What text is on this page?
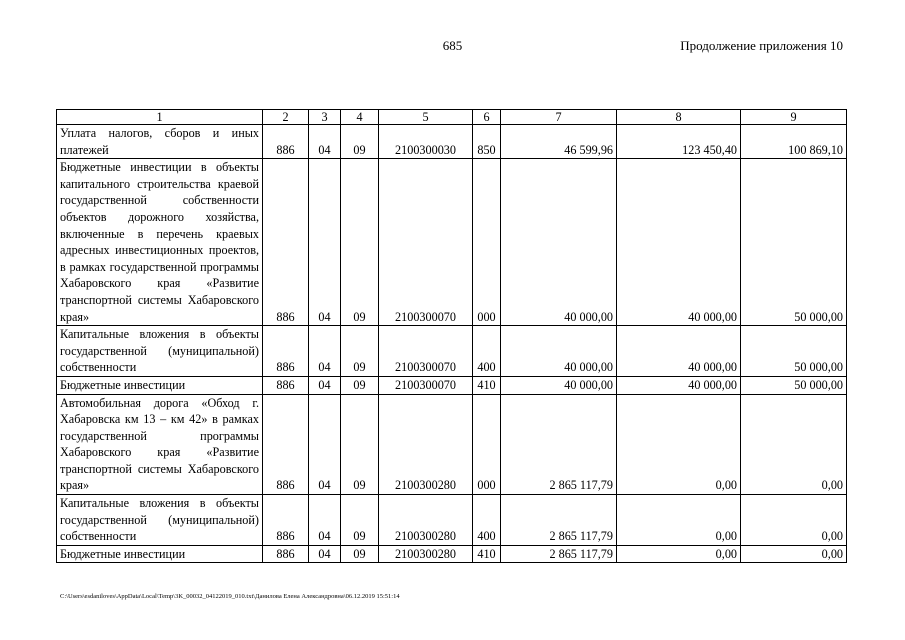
685	Продолжение приложения 10
1	2	3	4	5	6	7	8	9
Уплата налогов, сборов и иных платежей	886	04	09	2100300030	850	46 599,96	123 450,40	100 869,10
Бюджетные инвестиции в объекты капитального строительства краевой государственной собственности объектов дорожного хозяйства, включенные в перечень краевых адресных инвестиционных проектов, в рамках государственной программы Хабаровского края «Развитие транспортной системы Хабаровского края»	886	04	09	2100300070	000	40 000,00	40 000,00	50 000,00
Капитальные вложения в объекты государственной (муниципальной) собственности	886	04	09	2100300070	400	40 000,00	40 000,00	50 000,00
Бюджетные инвестиции	886	04	09	2100300070	410	40 000,00	40 000,00	50 000,00
Автомобильная дорога «Обход г. Хабаровска км 13 – км 42» в рамках государственной программы Хабаровского края «Развитие транспортной системы Хабаровского края»	886	04	09	2100300280	000	2 865 117,79	0,00	0,00
Капитальные вложения в объекты государственной (муниципальной) собственности	886	04	09	2100300280	400	2 865 117,79	0,00	0,00
Бюджетные инвестиции	886	04	09	2100300280	410	2 865 117,79	0,00	0,00
C:\Users\esdaniloves\AppData\Local\Temp\3K_00032_04122019_010.txt\Данилова Елена Александровна\06.12.2019 15:51:14
